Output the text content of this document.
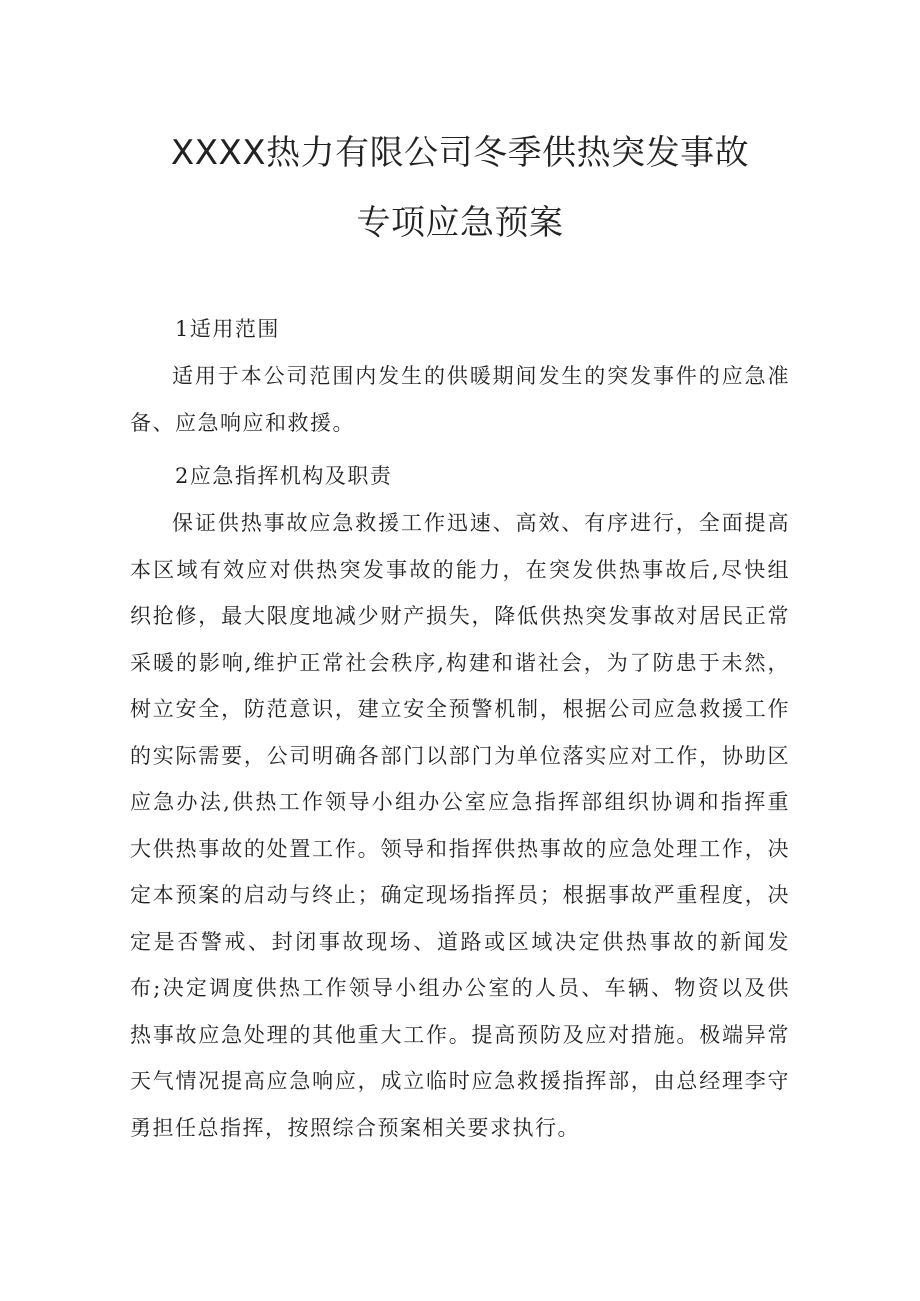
XXXX热力有限公司冬季供热突发事故
专项应急预案

1适用范围

适用于本公司范围内发生的供暖期间发生的突发事件的应急准备、应急响应和救援。

2应急指挥机构及职责

保证供热事故应急救援工作迅速、高效、有序进行，全面提高本区域有效应对供热突发事故的能力，在突发供热事故后,尽快组织抢修，最大限度地减少财产损失，降低供热突发事故对居民正常采暖的影响,维护正常社会秩序,构建和谐社会，为了防患于未然，树立安全，防范意识，建立安全预警机制，根据公司应急救援工作的实际需要，公司明确各部门以部门为单位落实应对工作，协助区应急办法,供热工作领导小组办公室应急指挥部组织协调和指挥重大供热事故的处置工作。领导和指挥供热事故的应急处理工作，决定本预案的启动与终止；确定现场指挥员；根据事故严重程度，决定是否警戒、封闭事故现场、道路或区域决定供热事故的新闻发布;决定调度供热工作领导小组办公室的人员、车辆、物资以及供热事故应急处理的其他重大工作。提高预防及应对措施。极端异常天气情况提高应急响应，成立临时应急救援指挥部，由总经理李守勇担任总指挥，按照综合预案相关要求执行。
